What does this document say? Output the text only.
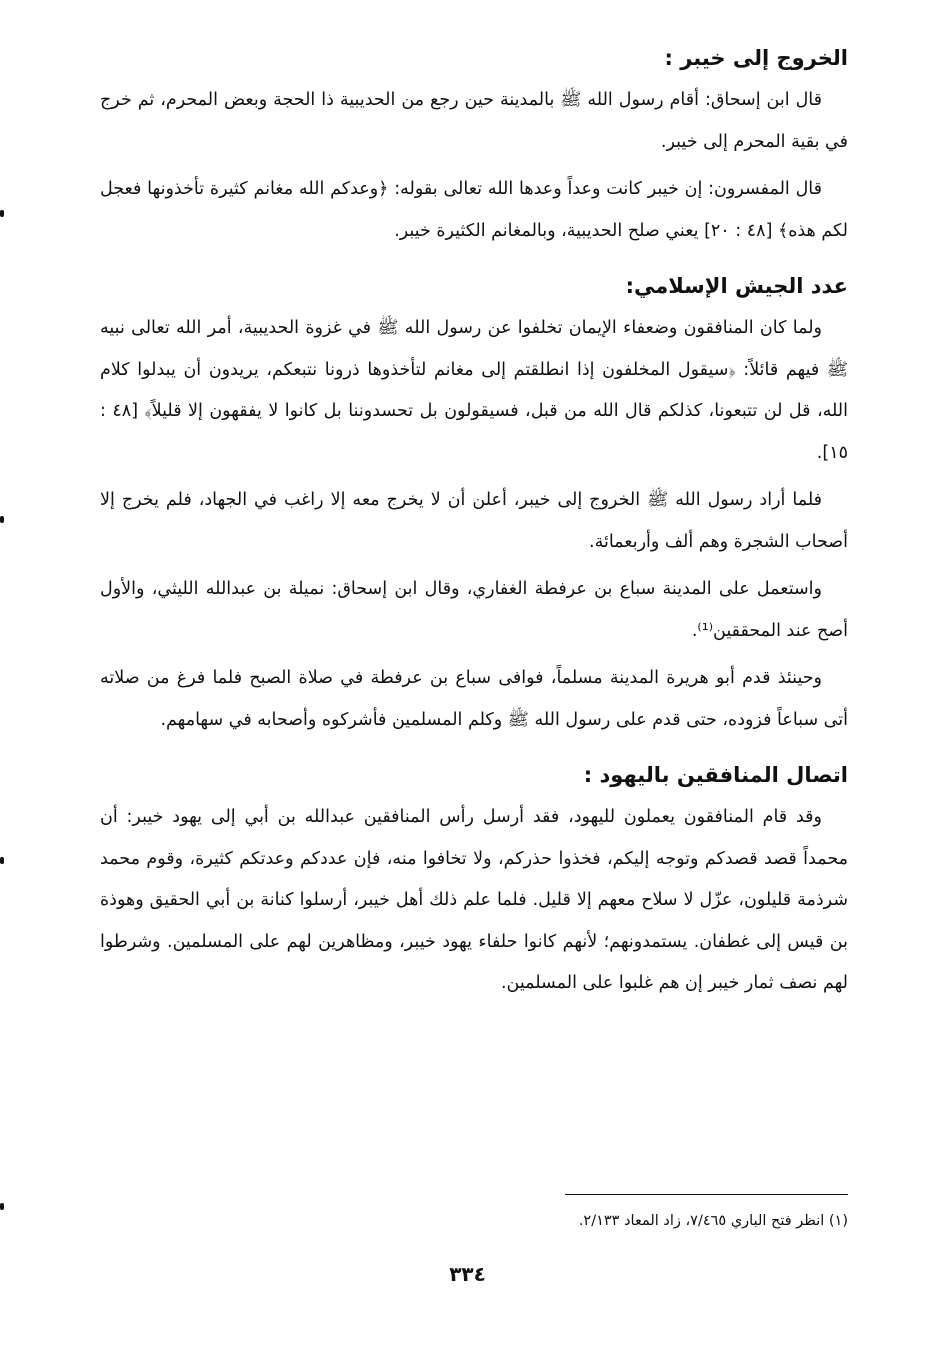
الخروج إلى خيبر :

قال ابن إسحاق: أقام رسول الله ﷺ بالمدينة حين رجع من الحديبية ذا الحجة وبعض المحرم، ثم خرج في بقية المحرم إلى خيبر.

قال المفسرون: إن خيبر كانت وعداً وعدها الله تعالى بقوله: ﴿وعدكم الله مغانم كثيرة تأخذونها فعجل لكم هذه﴾ [٤٨ : ٢٠] يعني صلح الحديبية، وبالمغانم الكثيرة خيبر.

عدد الجيش الإسلامي:

ولما كان المنافقون وضعفاء الإيمان تخلفوا عن رسول الله ﷺ في غزوة الحديبية، أمر الله تعالى نبيه ﷺ فيهم قائلاً: ﴿سيقول المخلفون إذا انطلقتم إلى مغانم لتأخذوها ذرونا نتبعكم، يريدون أن يبدلوا كلام الله، قل لن تتبعونا، كذلكم قال الله من قبل، فسيقولون بل تحسدوننا بل كانوا لا يفقهون إلا قليلاً﴾ [٤٨ : ١٥].

فلما أراد رسول الله ﷺ الخروج إلى خيبر، أعلن أن لا يخرج معه إلا راغب في الجهاد، فلم يخرج إلا أصحاب الشجرة وهم ألف وأربعمائة.

واستعمل على المدينة سباع بن عرفطة الغفاري، وقال ابن إسحاق: نميلة بن عبدالله الليثي، والأول أصح عند المحققين⁽¹⁾.

وحينئذ قدم أبو هريرة المدينة مسلماً، فوافى سباع بن عرفطة في صلاة الصبح فلما فرغ من صلاته أتى سباعاً فزوده، حتى قدم على رسول الله ﷺ وكلم المسلمين فأشركوه وأصحابه في سهامهم.

اتصال المنافقين باليهود :

وقد قام المنافقون يعملون لليهود، فقد أرسل رأس المنافقين عبدالله بن أبي إلى يهود خيبر: أن محمداً قصد قصدكم وتوجه إليكم، فخذوا حذركم، ولا تخافوا منه، فإن عددكم وعدتكم كثيرة، وقوم محمد شرذمة قليلون، عزّل لا سلاح معهم إلا قليل. فلما علم ذلك أهل خيبر، أرسلوا كنانة بن أبي الحقيق وهوذة بن قيس إلى غطفان. يستمدونهم؛ لأنهم كانوا حلفاء يهود خيبر، ومظاهرين لهم على المسلمين. وشرطوا لهم نصف ثمار خيبر إن هم غلبوا على المسلمين.

(١) انظر فتح الباري ٧/٤٦٥، زاد المعاد ٢/١٣٣.
٣٣٤
